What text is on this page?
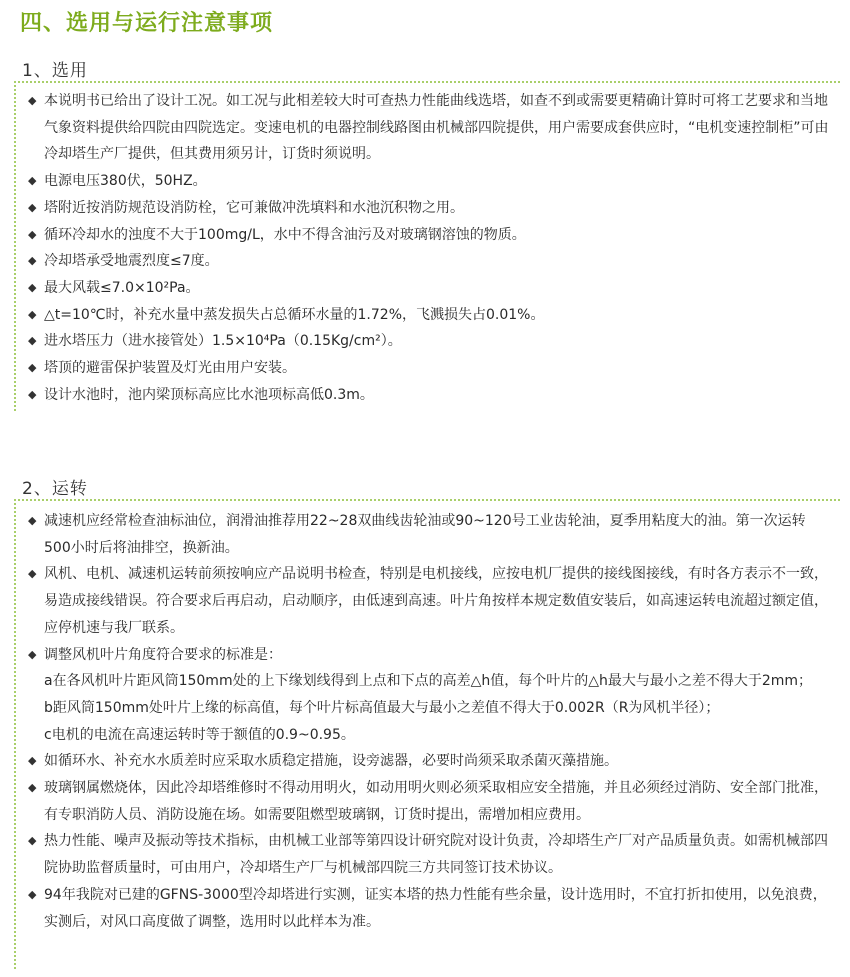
四、选用与运行注意事项
1、选用
◆ 本说明书已给出了设计工况。如工况与此相差较大时可查热力性能曲线选塔，如查不到或需要更精确计算时可将工艺要求和当地气象资料提供给四院由四院选定。变速电机的电器控制线路图由机械部四院提供，用户需要成套供应时，“电机变速控制柜”可由冷却塔生产厂提供，但其费用须另计，订货时须说明。
◆ 电源电压380伏，50HZ。
◆ 塔附近按消防规范设消防栓，它可兼做冲洗填料和水池沉积物之用。
◆ 循环冷却水的浊度不大于100mg/L，水中不得含油污及对玻璃钢溶蚀的物质。
◆ 冷却塔承受地震烈度≤7度。
◆ 最大风载≤7.0×10²Pa。
◆ △t=10℃时，补充水量中蒸发损失占总循环水量的1.72%，飞溅损失占0.01%。
◆ 进水塔压力（进水接管处）1.5×10⁴Pa（0.15Kg/cm²）。
◆ 塔顶的避雷保护装置及灯光由用户安装。
◆ 设计水池时，池内梁顶标高应比水池项标高低0.3m。
2、运转
◆ 减速机应经常检查油标油位，润滑油推荐用22~28双曲线齿轮油或90~120号工业齿轮油，夏季用粘度大的油。第一次运转500小时后将油排空，换新油。
◆ 风机、电机、减速机运转前须按响应产品说明书检查，特别是电机接线，应按电机厂提供的接线图接线，有时各方表示不一致，易造成接线错误。符合要求后再启动，启动顺序，由低速到高速。叶片角按样本规定数值安装后，如高速运转电流超过额定值，应停机速与我厂联系。
◆ 调整风机叶片角度符合要求的标准是：
a在各风机叶片距风筒150mm处的上下缘划线得到上点和下点的高差△h值，每个叶片的△h最大与最小之差不得大于2mm；
b距风筒150mm处叶片上缘的标高值，每个叶片标高值最大与最小之差值不得大于0.002R（R为风机半径）；
c电机的电流在高速运转时等于额值的0.9~0.95。
◆ 如循环水、补充水水质差时应采取水质稳定措施，设旁滤器，必要时尚须采取杀菌灭藻措施。
◆ 玻璃钢属燃烧体，因此冷却塔维修时不得动用明火，如动用明火则必须采取相应安全措施，并且必须经过消防、安全部门批准，有专职消防人员、消防设施在场。如需要阻燃型玻璃钢，订货时提出，需增加相应费用。
◆ 热力性能、噪声及振动等技术指标，由机械工业部等第四设计研究院对设计负责，冷却塔生产厂对产品质量负责。如需机械部四院协助监督质量时，可由用户，冷却塔生产厂与机械部四院三方共同签订技术协议。
◆ 94年我院对已建的GFNS-3000型冷却塔进行实测，证实本塔的热力性能有些余量，设计选用时，不宜打折扣使用，以免浪费，实测后，对风口高度做了调整，选用时以此样本为准。
